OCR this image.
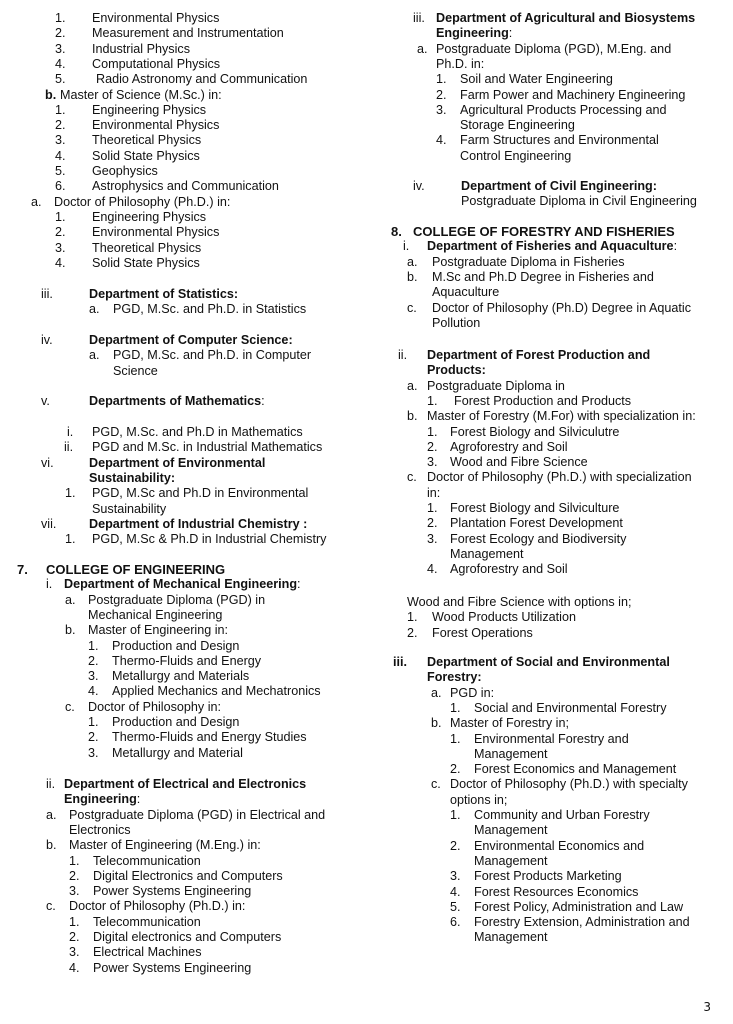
1. Environmental Physics
2. Measurement and Instrumentation
3. Industrial Physics
4. Computational Physics
5. Radio Astronomy and Communication
b. Master of Science (M.Sc.) in:
1. Engineering Physics
2. Environmental Physics
3. Theoretical Physics
4. Solid State Physics
5. Geophysics
6. Astrophysics and Communication
a. Doctor of Philosophy (Ph.D.) in:
1. Engineering Physics
2. Environmental Physics
3. Theoretical Physics
4. Solid State Physics
iii.	Department of Statistics:
a. PGD, M.Sc. and Ph.D. in Statistics
iv.	Department of Computer Science:
a. PGD, M.Sc. and Ph.D. in Computer
Science
v.	Departments of Mathematics:
i. PGD, M.Sc. and Ph.D in Mathematics
ii. PGD and M.Sc. in Industrial Mathematics
vi.	Department of Environmental
Sustainability:
1. PGD, M.Sc and Ph.D in Environmental
Sustainability
vii.	Department of Industrial Chemistry :
1. PGD, M.Sc & Ph.D in Industrial Chemistry
7. COLLEGE OF ENGINEERING
i. Department of Mechanical Engineering:
a. Postgraduate Diploma (PGD) in
Mechanical Engineering
b. Master of Engineering in:
1. Production and Design
2. Thermo-Fluids and Energy
3. Metallurgy and Materials
4. Applied Mechanics and Mechatronics
c. Doctor of Philosophy in:
1. Production and Design
2. Thermo-Fluids and Energy Studies
3. Metallurgy and Material
ii. Department of Electrical and Electronics
Engineering:
a. Postgraduate Diploma (PGD) in Electrical and
Electronics
b. Master of Engineering (M.Eng.) in:
1. Telecommunication
2. Digital Electronics and Computers
3. Power Systems Engineering
c. Doctor of Philosophy (Ph.D.) in:
1. Telecommunication
2. Digital electronics and Computers
3. Electrical Machines
4. Power Systems Engineering
iii. Department of Agricultural and Biosystems
Engineering:
a. Postgraduate Diploma (PGD), M.Eng. and
Ph.D. in:
1. Soil and Water Engineering
2. Farm Power and Machinery Engineering
3. Agricultural Products Processing and
Storage Engineering
4. Farm Structures and Environmental
Control Engineering
iv.	Department of Civil Engineering:
Postgraduate Diploma in Civil Engineering
8. COLLEGE OF FORESTRY AND FISHERIES
i. Department of Fisheries and Aquaculture:
a. Postgraduate Diploma in Fisheries
b. M.Sc and Ph.D Degree in Fisheries and
Aquaculture
c. Doctor of Philosophy (Ph.D) Degree in Aquatic
Pollution
ii. Department of Forest Production and
Products:
a. Postgraduate Diploma in
1. Forest Production and Products
b. Master of Forestry (M.For) with specialization in:
1. Forest Biology and Silviculutre
2. Agroforestry and Soil
3. Wood and Fibre Science
c. Doctor of Philosophy (Ph.D.) with specialization
in:
1. Forest Biology and Silviculture
2. Plantation Forest Development
3. Forest Ecology and Biodiversity
Management
4. Agroforestry and Soil
Wood and Fibre Science with options in;
1. Wood Products Utilization
2. Forest Operations
iii. Department of Social and Environmental
Forestry:
a. PGD in:
1. Social and Environmental Forestry
b. Master of Forestry in;
1. Environmental Forestry and
Management
2. Forest Economics and Management
c. Doctor of Philosophy (Ph.D.) with specialty
options in;
1. Community and Urban Forestry
Management
2. Environmental Economics and
Management
3. Forest Products Marketing
4. Forest Resources Economics
5. Forest Policy, Administration and Law
6. Forestry Extension, Administration and
Management
3
